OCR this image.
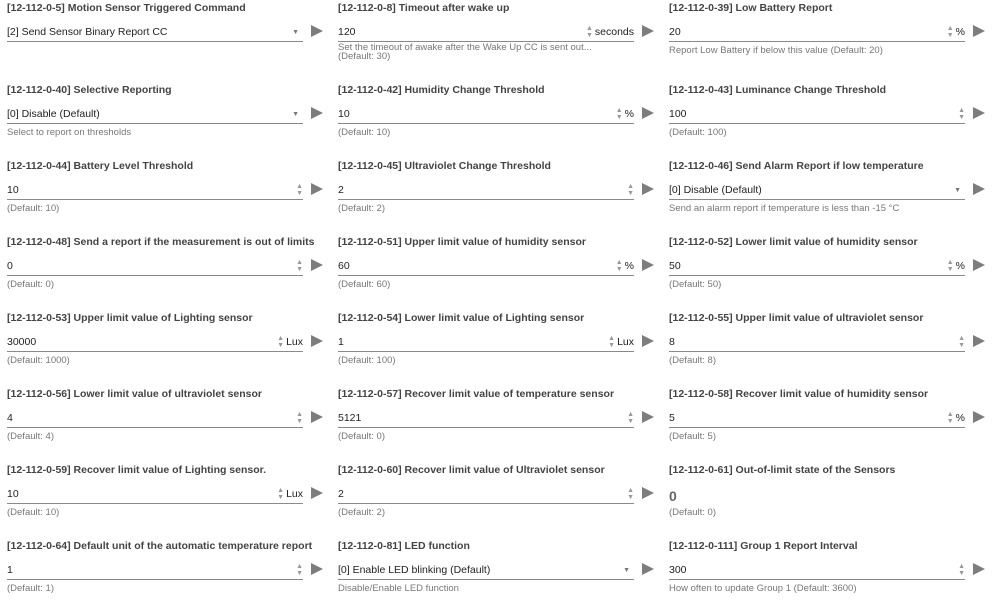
[12-112-0-5] Motion Sensor Triggered Command
[2] Send Sensor Binary Report CC	▼
[12-112-0-8] Timeout after wake up
120	▲
▼ seconds
Set the timeout of awake after the Wake Up CC is sent out...
(Default: 30)
[12-112-0-39] Low Battery Report
20	▲
▼ %
Report Low Battery if below this value (Default: 20)
[12-112-0-40] Selective Reporting
[0] Disable (Default)	▼
Select to report on thresholds
[12-112-0-42] Humidity Change Threshold
10	▲
▼ %
(Default: 10)
[12-112-0-43] Luminance Change Threshold
100	▲
▼
(Default: 100)
[12-112-0-44] Battery Level Threshold
10	▲
▼
(Default: 10)
[12-112-0-45] Ultraviolet Change Threshold
2	▲
▼
(Default: 2)
[12-112-0-46] Send Alarm Report if low temperature
[0] Disable (Default)	▼
Send an alarm report if temperature is less than -15 °C
[12-112-0-48] Send a report if the measurement is out of limits
0	▲
▼
(Default: 0)
[12-112-0-51] Upper limit value of humidity sensor
60	▲
▼ %
(Default: 60)
[12-112-0-52] Lower limit value of humidity sensor
50	▲
▼ %
(Default: 50)
[12-112-0-53] Upper limit value of Lighting sensor
30000	▲
▼ Lux
(Default: 1000)
[12-112-0-54] Lower limit value of Lighting sensor
1	▲
▼ Lux
(Default: 100)
[12-112-0-55] Upper limit value of ultraviolet sensor
8	▲
▼
(Default: 8)
[12-112-0-56] Lower limit value of ultraviolet sensor
4	▲
▼
(Default: 4)
[12-112-0-57] Recover limit value of temperature sensor
5121	▲
▼
(Default: 0)
[12-112-0-58] Recover limit value of humidity sensor
5	▲
▼ %
(Default: 5)
[12-112-0-59] Recover limit value of Lighting sensor.
10	▲
▼ Lux
(Default: 10)
[12-112-0-60] Recover limit value of Ultraviolet sensor
2	▲
▼
(Default: 2)
[12-112-0-61] Out-of-limit state of the Sensors
0
(Default: 0)
[12-112-0-64] Default unit of the automatic temperature report
1	▲
▼
(Default: 1)
[12-112-0-81] LED function
[0] Enable LED blinking (Default)	▼
Disable/Enable LED function
[12-112-0-111] Group 1 Report Interval
300	▲
▼
How often to update Group 1 (Default: 3600)
